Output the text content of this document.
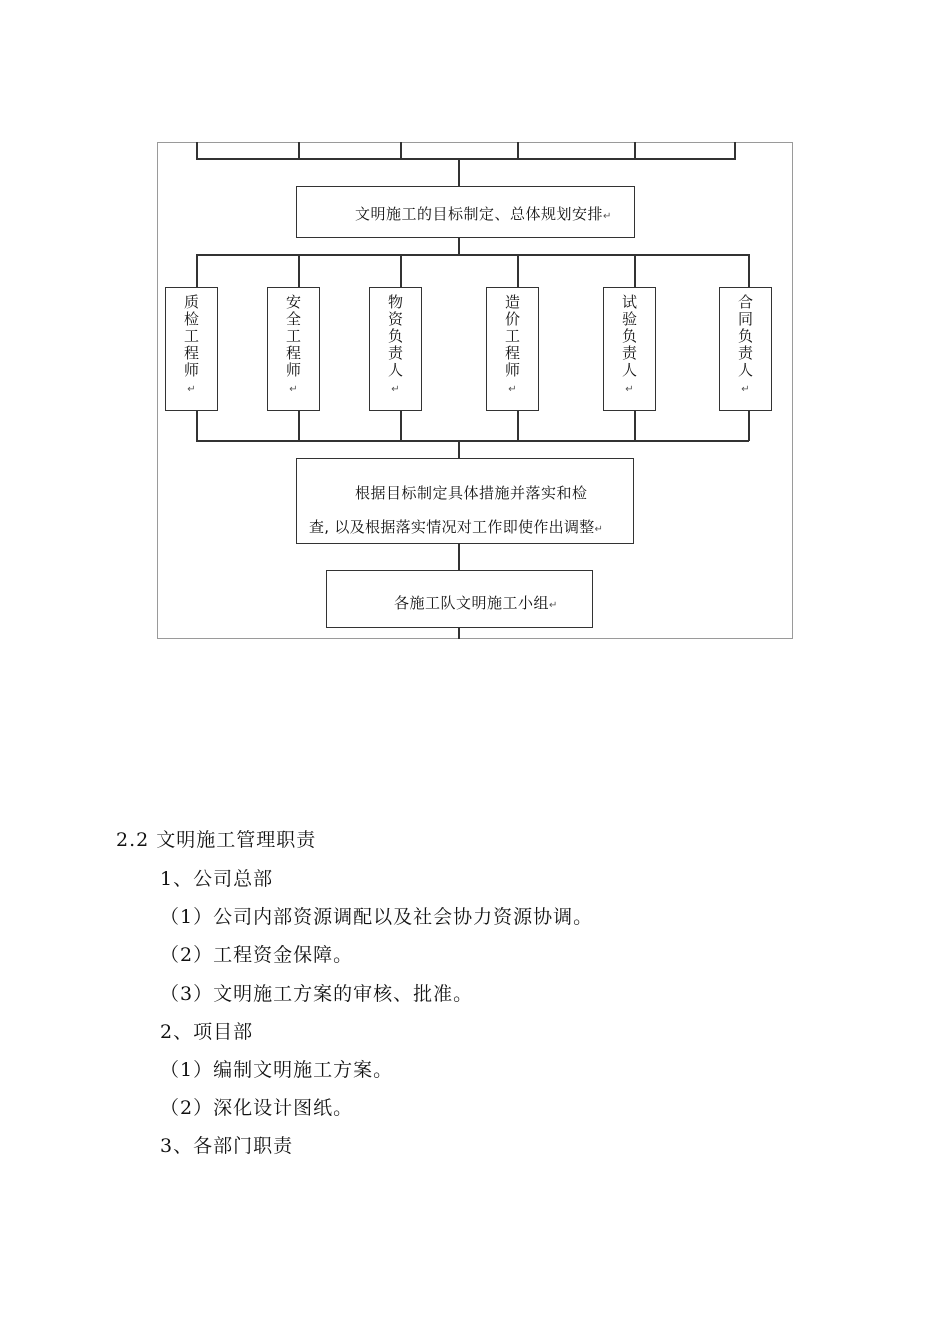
文明施工的目标制定、总体规划安排↵
质检工程师↵
安全工程师↵
物资负责人↵
造价工程师↵
试验负责人↵
合同负责人↵
根据目标制定具体措施并落实和检
查, 以及根据落实情况对工作即使作出调整↵
各施工队文明施工小组↵
2.2 文明施工管理职责
1、公司总部
（1）公司内部资源调配以及社会协力资源协调。
（2）工程资金保障。
（3）文明施工方案的审核、批准。
2、项目部
（1）编制文明施工方案。
（2）深化设计图纸。
3、各部门职责
